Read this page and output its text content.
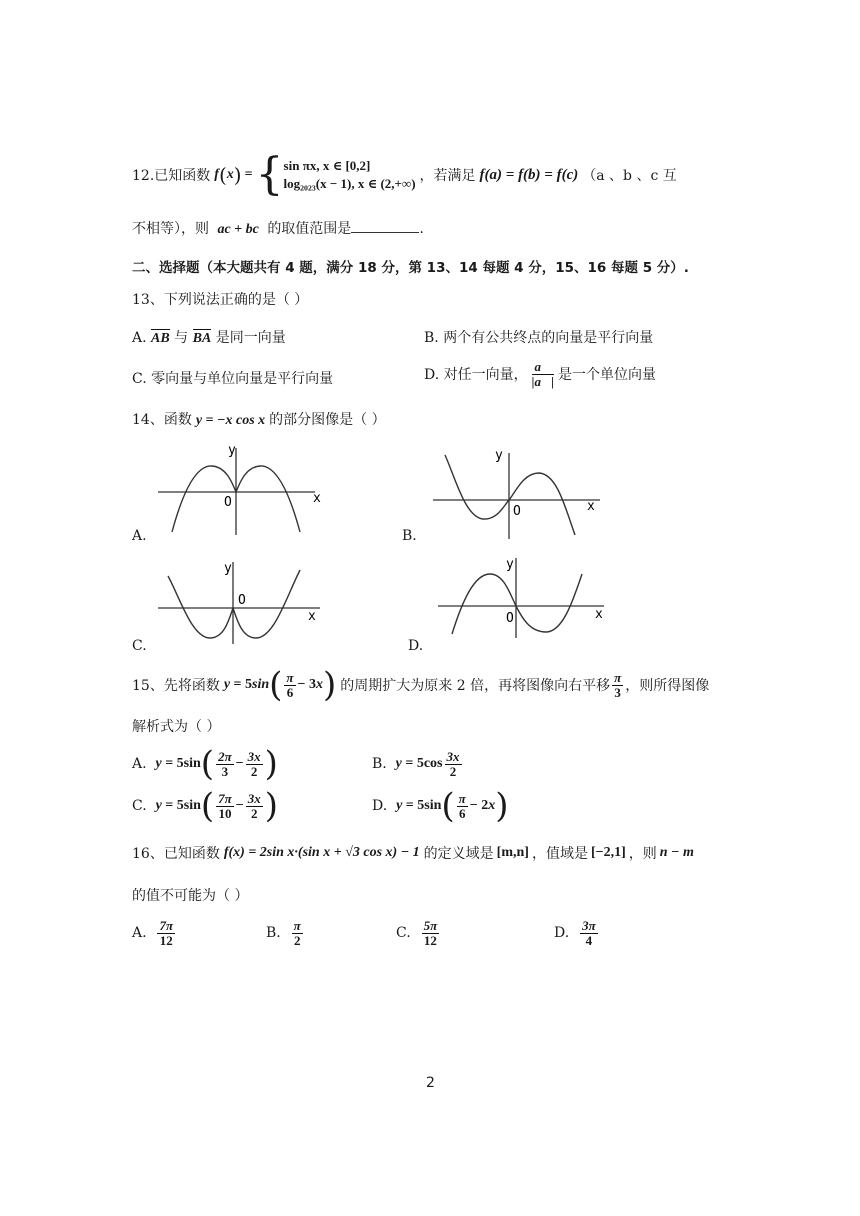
12.已知函数 f ( x ) = { sin πx, x ∈ [0,2]
log₂₀₂₃(x − 1), x ∈ (2,+∞) ，若满足 f(a) = f(b) = f(c) （a 、b 、c 互
不相等），则 ac + bc 的取值范围是	.
二、选择题（本大题共有 4 题，满分 18 分，第 13、14 每题 4 分，15、16 每题 5 分）.
13、下列说法正确的是（ ）
A. AB 与 BA 是同一向量	B. 两个有公共终点的向量是平行向量
C. 零向量与单位向量是平行向量	D. 对任一向量， $\frac{a⃗}{|a⃗|}$ 是一个单位向量
14、函数 y = −x cos x 的部分图像是（ ）
y
O	x
A.
y
O	x
B.
y
O
x
C.
y
O	x
D.
15、先将函数 y = 5sin ( $\frac{\pi}{6} - 3x$ ) 的周期扩大为原来 2 倍，再将图像向右平移 $\frac{\pi}{3}$ ，则所得图像
解析式为（ ）
A. y = 5sin ( $\frac{2\pi}{3} - \frac{3x}{2}$ )	B. $y = 5\cos \frac{3x}{2}$
C. y = 5sin ( $\frac{7\pi}{10} - \frac{3x}{2}$ )	D. y = 5sin ( $\frac{\pi}{6} - 2x$ )
16、已知函数 f(x) = 2sin x·(sin x + √3 cos x) − 1 的定义域是 [m,n] ，值域是 [−2,1] ，则 n − m
的值不可能为（ ）
A. $\frac{7\pi}{12}$	B. $\frac{\pi}{2}$	C. $\frac{5\pi}{12}$	D. $\frac{3\pi}{4}$
2
